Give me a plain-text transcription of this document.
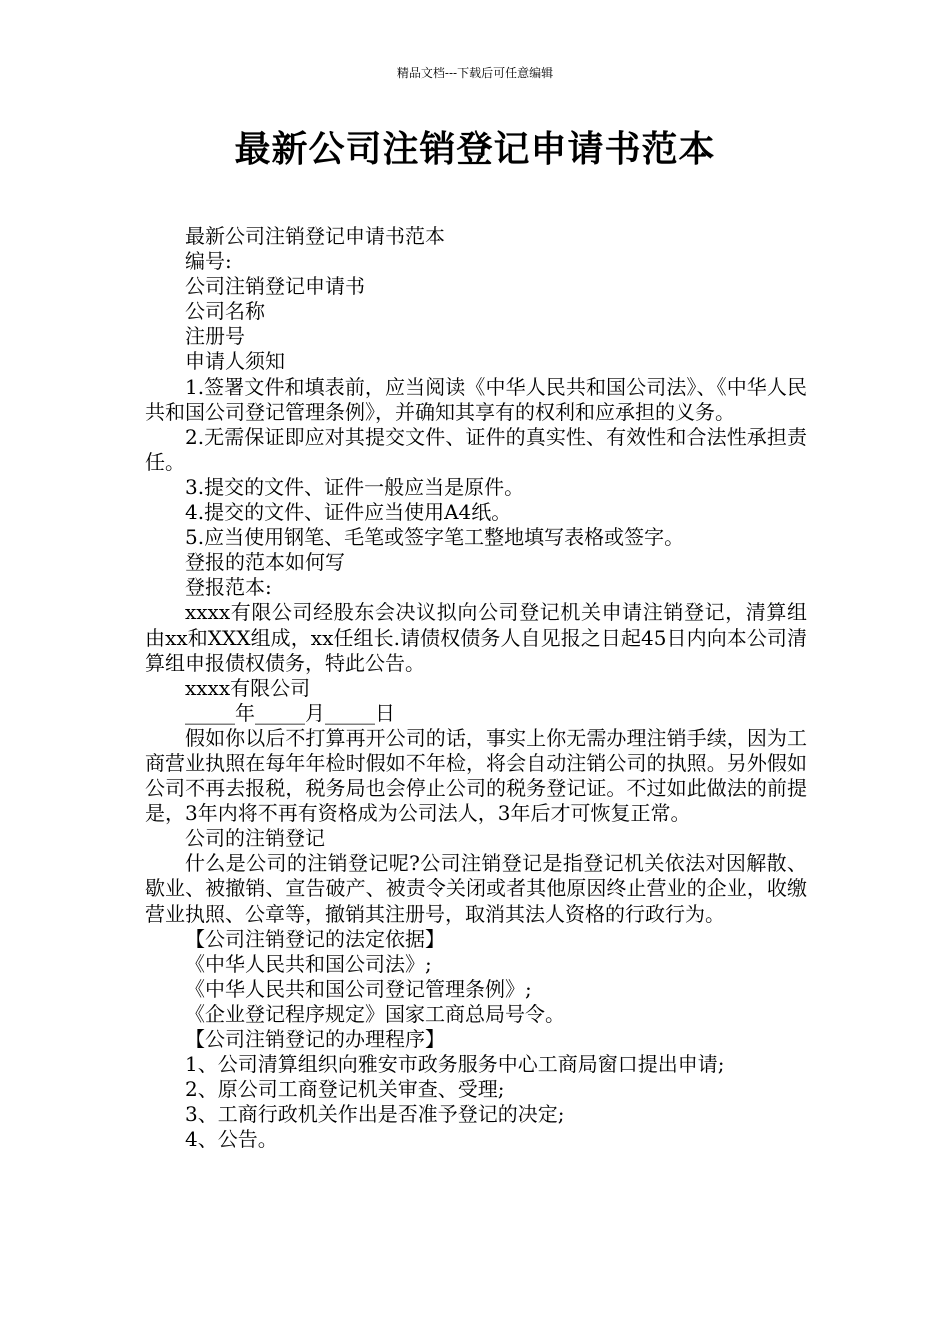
精品文档---下载后可任意编辑
最新公司注销登记申请书范本

最新公司注销登记申请书范本

编号:

公司注销登记申请书

公司名称

注册号

申请人须知

1.签署文件和填表前，应当阅读《中华人民共和国公司法》、《中华人民共和国公司登记管理条例》，并确知其享有的权利和应承担的义务。

2.无需保证即应对其提交文件、证件的真实性、有效性和合法性承担责任。

3.提交的文件、证件一般应当是原件。

4.提交的文件、证件应当使用A4纸。

5.应当使用钢笔、毛笔或签字笔工整地填写表格或签字。

登报的范本如何写

登报范本:

xxxx有限公司经股东会决议拟向公司登记机关申请注销登记，清算组由xx和XXX组成，xx任组长.请债权债务人自见报之日起45日内向本公司清算组申报债权债务，特此公告。

xxxx有限公司

_____年_____月_____日

假如你以后不打算再开公司的话，事实上你无需办理注销手续，因为工商营业执照在每年年检时假如不年检，将会自动注销公司的执照。另外假如公司不再去报税，税务局也会停止公司的税务登记证。不过如此做法的前提是，3年内将不再有资格成为公司法人，3年后才可恢复正常。

公司的注销登记

什么是公司的注销登记呢?公司注销登记是指登记机关依法对因解散、歇业、被撤销、宣告破产、被责令关闭或者其他原因终止营业的企业，收缴营业执照、公章等，撤销其注册号，取消其法人资格的行政行为。

【公司注销登记的法定依据】

《中华人民共和国公司法》;

《中华人民共和国公司登记管理条例》;

《企业登记程序规定》国家工商总局号令。

【公司注销登记的办理程序】

1、公司清算组织向雅安市政务服务中心工商局窗口提出申请;

2、原公司工商登记机关审查、受理;

3、工商行政机关作出是否准予登记的决定;

4、公告。
